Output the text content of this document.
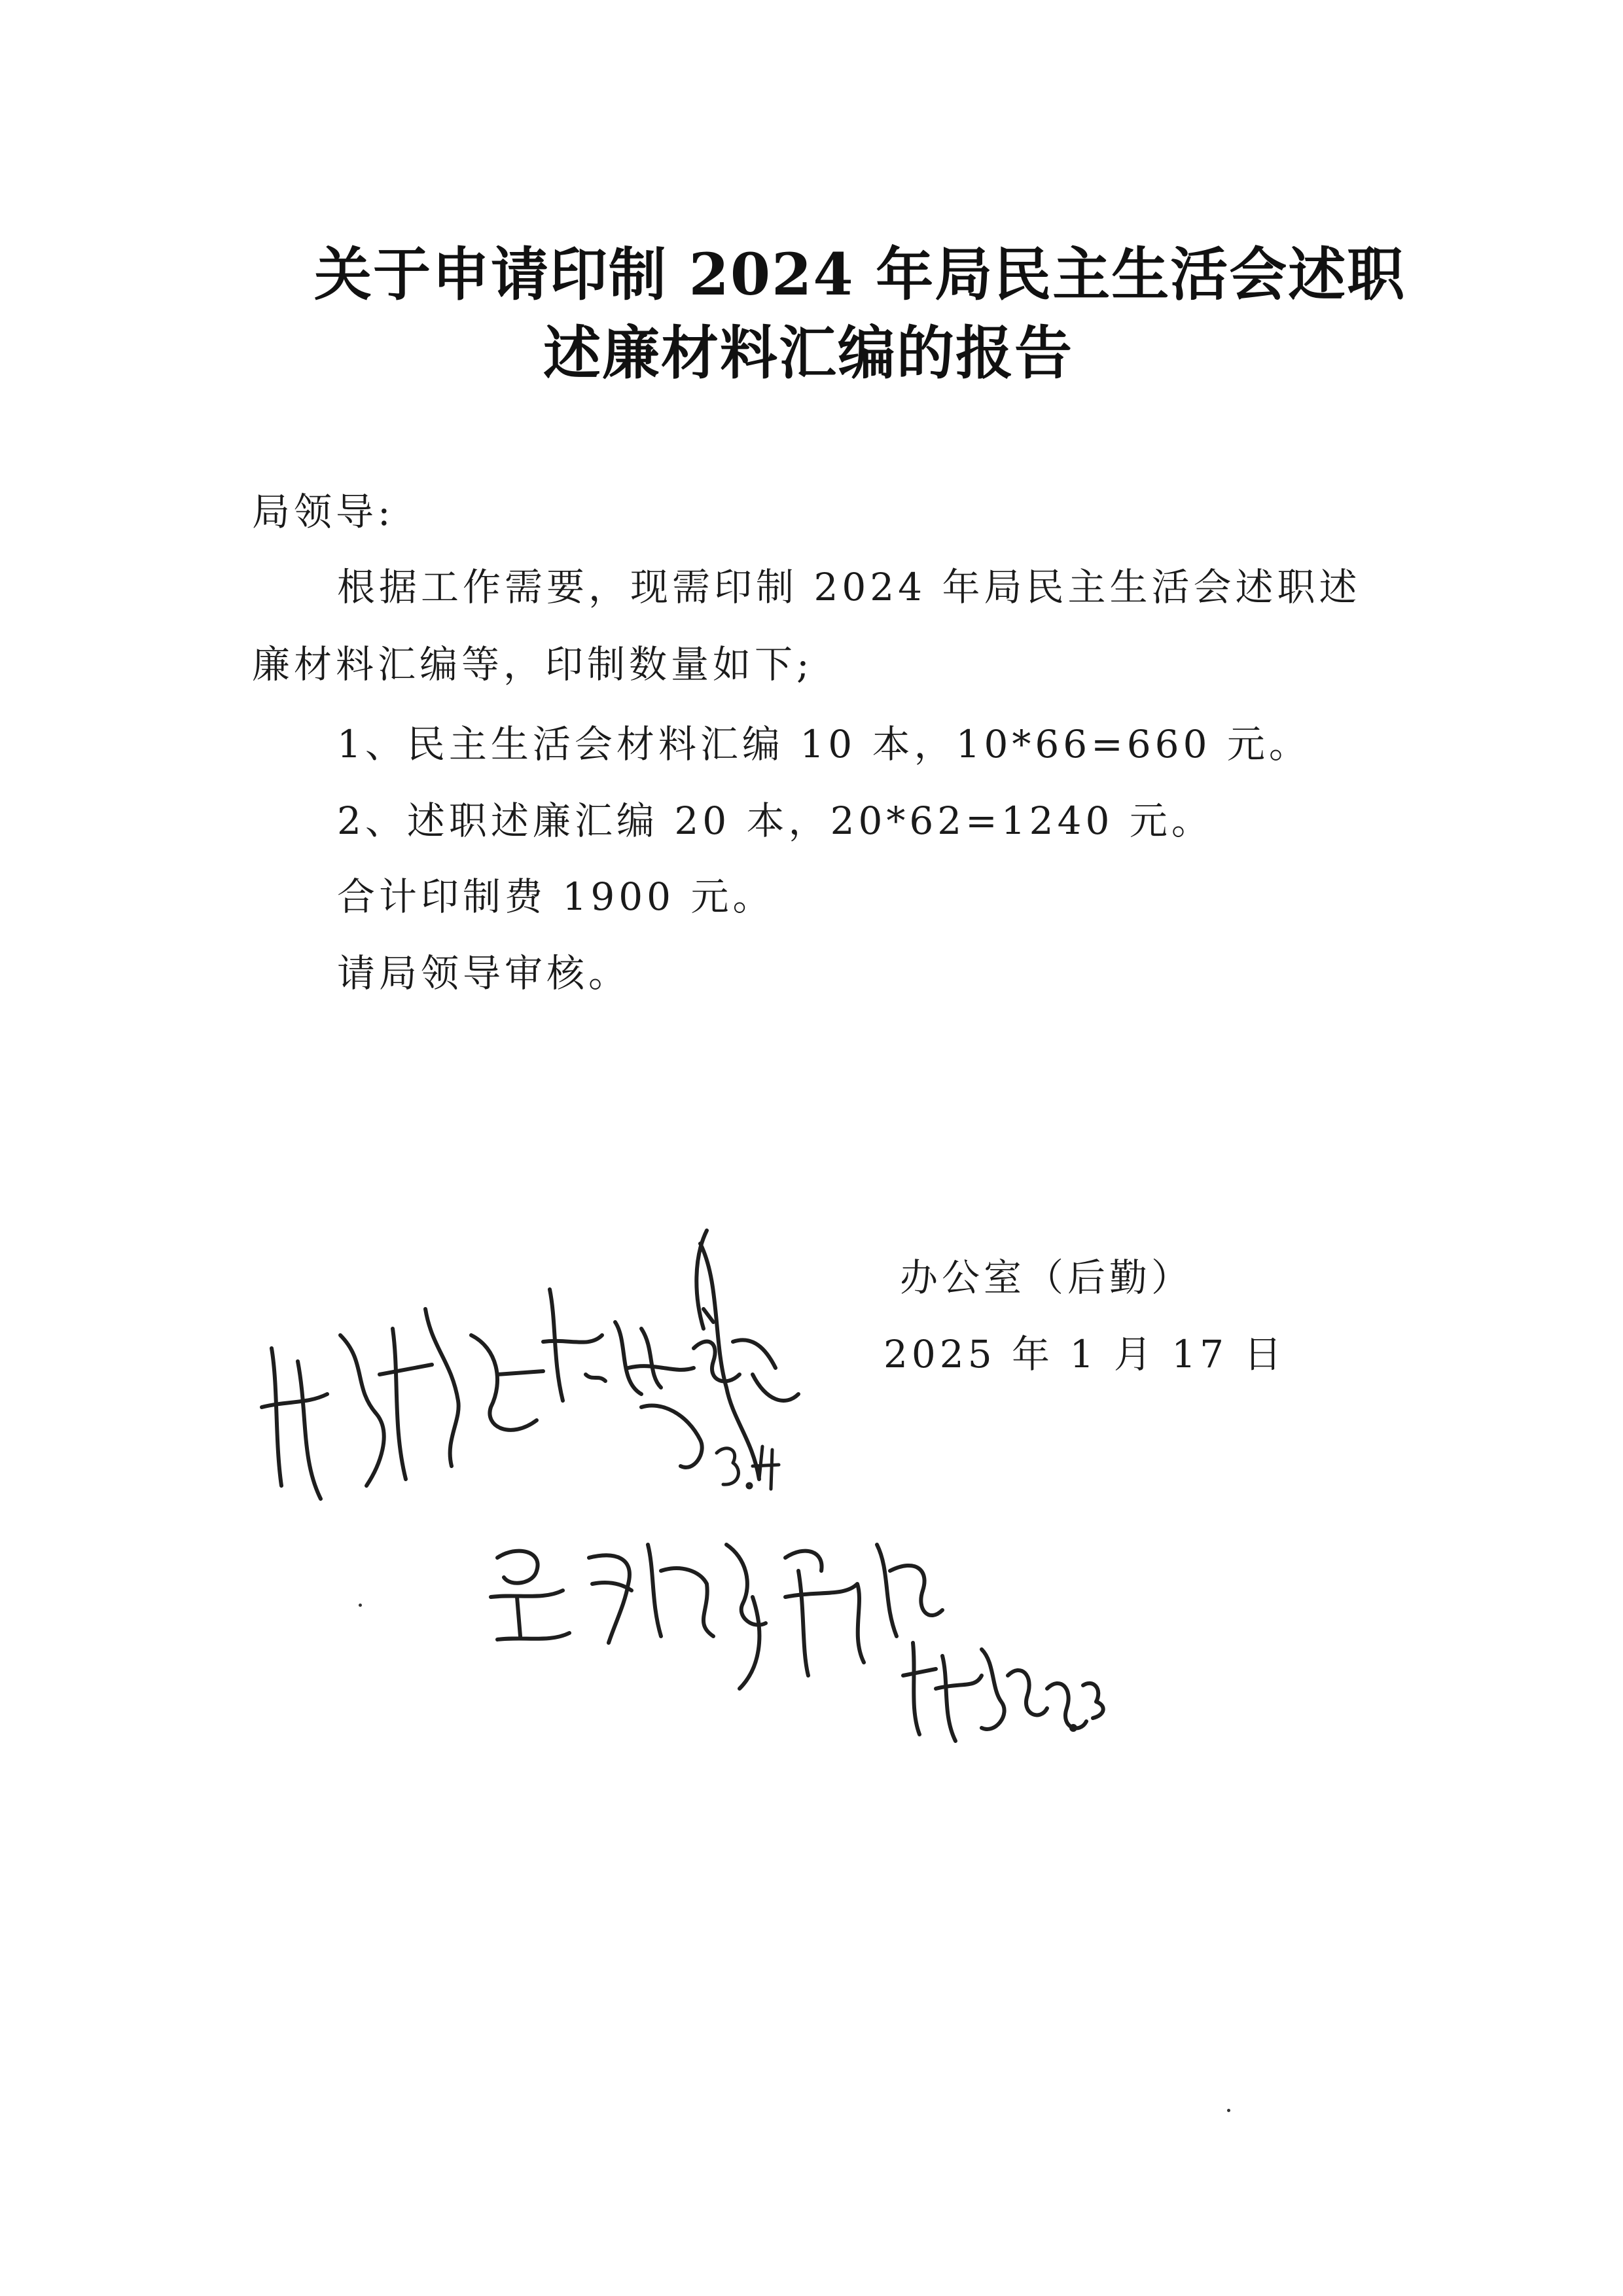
关于申请印制 2024 年局民主生活会述职
述廉材料汇编的报告
局领导:
根据工作需要，现需印制 2024 年局民主生活会述职述
廉材料汇编等，印制数量如下;
1、民主生活会材料汇编 10 本，10*66=660 元。
2、述职述廉汇编 20 本，20*62=1240 元。
合计印制费 1900 元。
请局领导审核。
办公室（后勤）
2025 年 1 月 17 日
